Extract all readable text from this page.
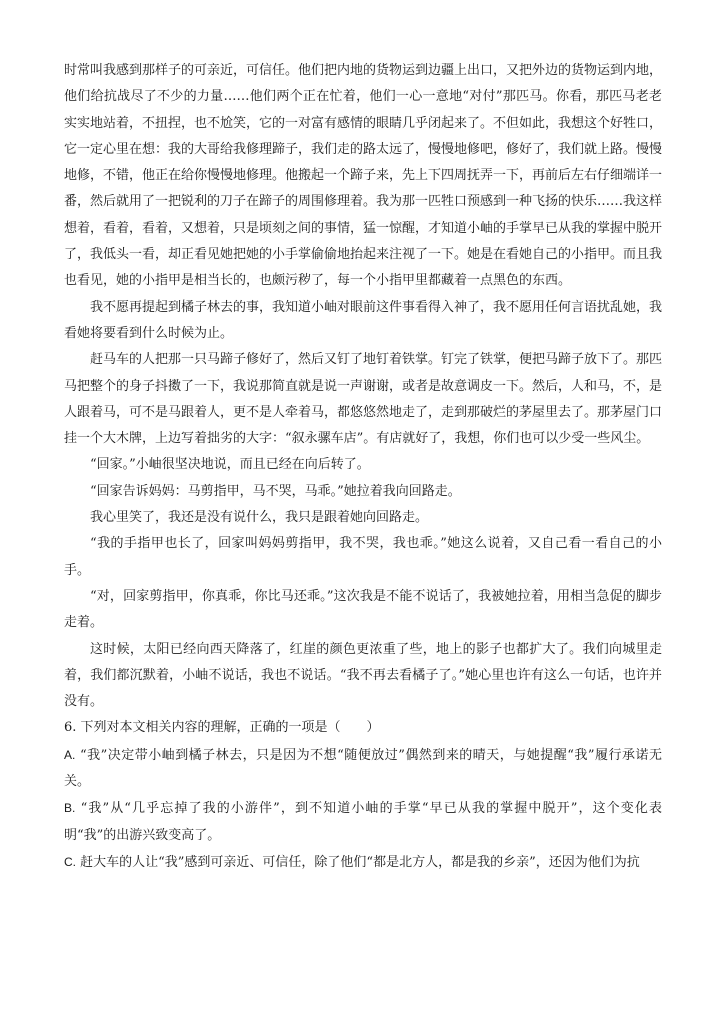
时常叫我感到那样子的可亲近，可信任。他们把内地的货物运到边疆上出口，又把外边的货物运到内地，他们给抗战尽了不少的力量……他们两个正在忙着，他们一心一意地“对付”那匹马。你看，那匹马老老实实地站着，不扭捏，也不尬笑，它的一对富有感情的眼睛几乎闭起来了。不但如此，我想这个好牲口，它一定心里在想：我的大哥给我修理蹄子，我们走的路太远了，慢慢地修吧，修好了，我们就上路。慢慢地修，不错，他正在给你慢慢地修理。他搬起一个蹄子来，先上下四周抚弄一下，再前后左右仔细端详一番，然后就用了一把锐利的刀子在蹄子的周围修理着。我为那一匹牲口预感到一种飞扬的快乐……我这样想着，看着，看着，又想着，只是顷刻之间的事情，猛一惊醒，才知道小岫的手掌早已从我的掌握中脱开了，我低头一看，却正看见她把她的小手掌偷偷地抬起来注视了一下。她是在看她自己的小指甲。而且我也看见，她的小指甲是相当长的，也颇污秽了，每一个小指甲里都藏着一点黑色的东西。

我不愿再提起到橘子林去的事，我知道小岫对眼前这件事看得入神了，我不愿用任何言语扰乱她，我看她将要看到什么时候为止。

赶马车的人把那一只马蹄子修好了，然后又钉了地钉着铁掌。钉完了铁掌，便把马蹄子放下了。那匹马把整个的身子抖擞了一下，我说那简直就是说一声谢谢，或者是故意调皮一下。然后，人和马，不，是人跟着马，可不是马跟着人，更不是人牵着马，都悠悠然地走了，走到那破烂的茅屋里去了。那茅屋门口挂一个大木牌，上边写着拙劣的大字：“叙永骡车店”。有店就好了，我想，你们也可以少受一些风尘。

“回家。”小岫很坚决地说，而且已经在向后转了。

“回家告诉妈妈：马剪指甲，马不哭，马乖。”她拉着我向回路走。

我心里笑了，我还是没有说什么，我只是跟着她向回路走。

“我的手指甲也长了，回家叫妈妈剪指甲，我不哭，我也乖。”她这么说着，又自己看一看自己的小手。

“对，回家剪指甲，你真乖，你比马还乖。”这次我是不能不说话了，我被她拉着，用相当急促的脚步走着。

这时候，太阳已经向西天降落了，红崖的颜色更浓重了些，地上的影子也都扩大了。我们向城里走着，我们都沉默着，小岫不说话，我也不说话。“我不再去看橘子了。”她心里也许有这么一句话，也许并没有。

6. 下列对本文相关内容的理解，正确的一项是（　　）

A. “我”决定带小岫到橘子林去，只是因为不想“随便放过”偶然到来的晴天，与她提醒“我”履行承诺无关。

B. “我”从“几乎忘掉了我的小游伴”，到不知道小岫的手掌“早已从我的掌握中脱开”，这个变化表明“我”的出游兴致变高了。

C. 赶大车的人让“我”感到可亲近、可信任，除了他们“都是北方人，都是我的乡亲”，还因为他们为抗
